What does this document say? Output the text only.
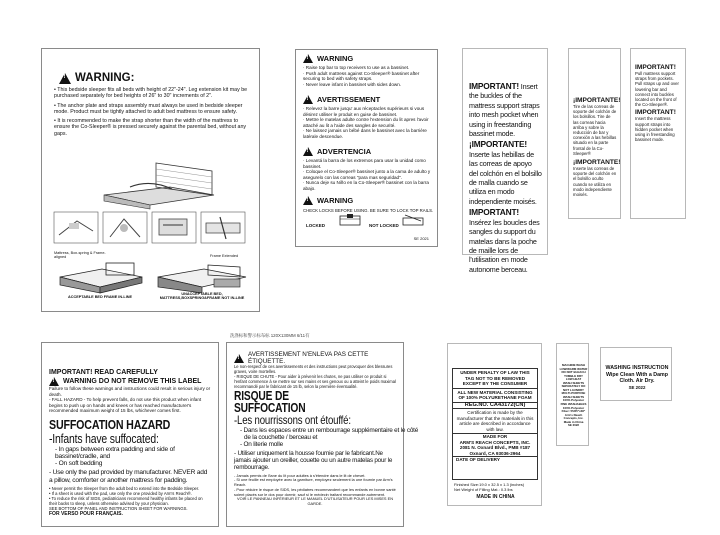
!
WARNING:
• This bedside sleeper fits all beds with height of 22"-24". Leg extension kit may be purchased separately for bed heights of 26" to 30" increments of 2".
• The anchor plate and straps assembly must always be used in bedside sleeper mode. Product must be tightly attached to adult bed mattress to ensure safety.
• It is recommended to make the strap shorter than the width of the mattress to ensure the Co-Sleeper® is pressed securely against the parental bed, without any gaps.
Mattress, Box-spring & Frame-aligned	Frame Extended
ACCEPTABLE BED FRAME IN-LINE
UNACCEPTABLE BED,
MATTRESS,BOXSPRING&FRAME NOT IN-LINE
!
WARNING
· Raise top bar to top receivers to use as a bassinet.
· Push adult mattress against Co-Sleeper® bassinet after securing to bed with safety straps.
· Never leave infant in bassinet with sides down.
!
AVERTISSEMENT
· Relevez la barre jusqu' aux réceptacles supérieurs si vous désirez utiliser le produit en guise de bassinet.
· Mettre le matelas adulte contre l'extension du lit apres l'avoir attaché au lit a l'aide des sangles de securité.
· Ne laissez jamais un bébé dans le bassinet avec la barrière latérale descendue.
!
ADVERTENCIA
· Levantá la barra de los extremos para usar la unidad como bassinet.
· Coloque el Co-Sleeper® bassinet junto a la cama de adulto y asegurelo con las correas "para mas seguridad".
· Nunca deje su Niño en la Co-Sleeper® bassinet con la barra abajo.
!
WARNING
CHECK LOCKS BEFORE USING. BE SURE TO LOCK TOP RAILS.
LOCKED	NOT LOCKED
SE 2021
IMPORTANT! Insert the buckles of the mattress support straps into mesh pocket when using in freestanding bassinet mode.
¡IMPORTANTE! Inserte las hebillas de las correas de apoyo del colchón en el bolsillo de malla cuando se utiliza en modo independiente moisés.
IMPORTANT! Insérez les boucles des sangles du support du matelas dans la poche de maille lors de l'utilisation en mode autonome berceau.
¡IMPORTANTE!
Tire de las correas de soporte del colchón de los bolsillos. Tire de las correas hacia arriba y sobre la reducción de bar y conexión a las hebillas situado en la parte frontal de la Co-Sleeper®
¡IMPORTANTE!
Inserte las correas de soporte del colchón en el bolsillo oculto cuando se utiliza en modo independiente moisés.
IMPORTANT!
Pull mattress support straps from pockets. Pull straps up and over lowering bar and connect into buckles located on the front of the Co-Sleeper®.
IMPORTANT!
Insert the mattress support straps into hidden pocket when using in freestanding bassinet mode.
洗涤标和警示标布标 120X130MM 6/11有
IMPORTANT! READ CAREFULLY
!
WARNING DO NOT REMOVE THIS LABEL
Failure to follow these warnings and instructions could result in serious injury or death.
- FALL HAZARD - To help prevent falls, do not use this product when infant begins to push up on hands and knees or has reached manufacturer's recommended maximum weight of 15 lbs, whichever comes first.
SUFFOCATION HAZARD
-Infants have suffocated:
- In gaps between extra padding and side of bassinet/cradle, and
- On soft bedding
- Use only the pad provided by manufacturer. NEVER add a pillow, comforter or another mattress for padding.
• Never permit the Sleeper from the adult bed to extend into the Bedside Sleeper.
• If a sheet is used with the pad, use only the one provided by Arm's Reach®.
• To reduce the risk of SIDS, pediatricians recommend healthy infants be placed on their backs to sleep, unless otherwise advised by your physician.
SEE BOTTOM OF PANEL AND INSTRUCTION SHEET FOR WARNINGS.
FOR VERSO POUR FRANÇAIS.
!
AVERTISSEMENT N'ENLEVA PAS CETTE ÉTIQUETTE.
Le non-respect de ces avertissements et des instructions peut provoquer des blessures graves, voire mortelles.
- RISQUE DE CHUTE - Pour aider à prévenir les chutes, ne pas utiliser ce produit si l'enfant commence à se mettre sur ses mains et ses genoux ou a atteint le poids maximal recommandé par le fabricant de 15 lb, selon la première éventualité.
RISQUE DE
SUFFOCATION
-Les nourrissons ont étouffé:
- Dans les espaces entre un rembourrage supplémentaire et le côté
de la couchette / berceau et
- On literie molle
- Utiliser uniquement la housse fournie par le fabricant.Ne jamais ajouter un oreiller, couette ou un autre matelas pour le rembourrage.
- Jamais permis de l'lane du lit pour adultes à s'étendre dans le lit de chevet.
- Si une feuille est employée avec la garniture, employez seulement la une fournie par Arm's Reach.
- Pour réduire le risque de SIDS, les pédiatres recommandent que les enfants en bonne santé soient placés sur le dos pour dormir, sauf si le médecin traitant recommande autrement.
VOIR LE PANNEAU INFÉRIEUR ET LE MANUEL D'UTILISATEUR POUR LES MISES EN GARDE.
UNDER PENALTY OF LAW THIS TAG NOT TO BE REMOVED EXCEPT BY THE CONSUMER
ALL NEW MATERIAL CONSISTING OF 100% POLYURETHANE FOAM
REG.NO. CA43172(CN)
Certification is made by the manufacturer that the materials in this article are described in accordance with law.
MADE FOR
ARM'S REACH CONCEPTS, INC.
2081 N. Oxnard Blvd., PMB #187
Oxnard, CA 93036-2964
DATE OF DELIVERY
Finished Size:19.0 x 32.5 x 1.3 (inches)
Net Weight of Filling Mat.: 0.3 lbs
MADE IN CHINA
MACHINE WASH
LOW/WARM WATER
DO NOT BLEACH
TUMBLE DRY
LOW HEAT
WASH SHEETS
SEPARATELY DO
NOT LAUNDRY
MULTI-PURPOSE
WASH SHEETS
100% Polyester
FINE WASHABLES
100% Polyester
Fiber: 55/25"x36"
Arm's Reach Concepts, Inc.
Made in China
SE 2022
WASHING INSTRUCTION
Wipe Clean With a Damp
Cloth. Air Dry.
SE 2022
